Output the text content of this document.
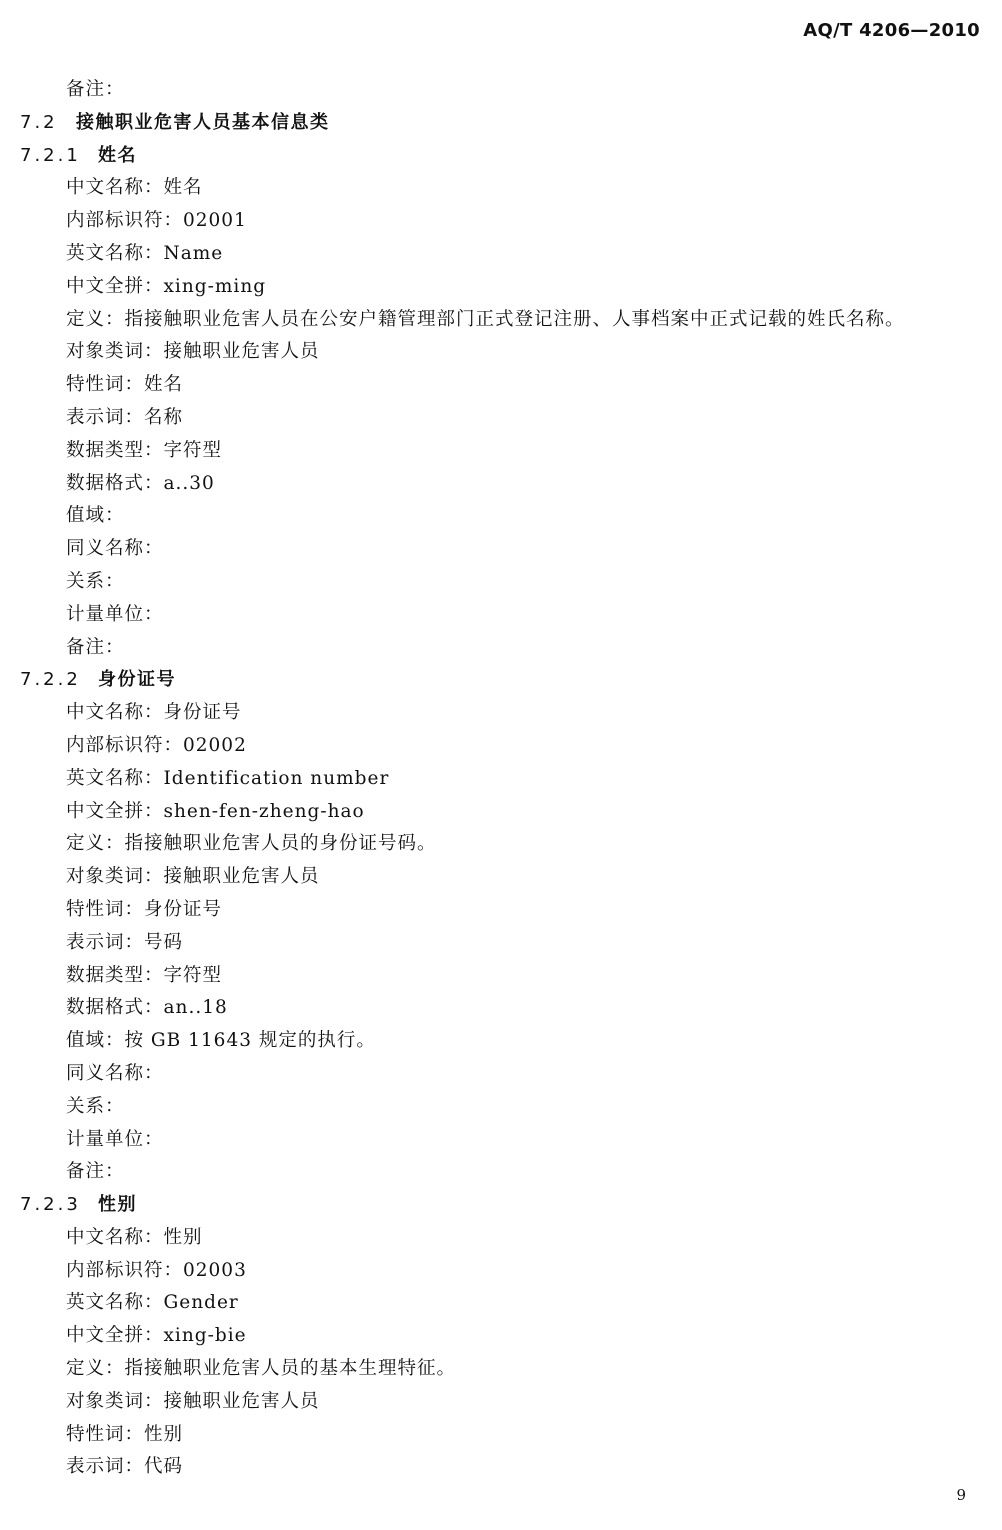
AQ/T 4206—2010
备注：
7.2 接触职业危害人员基本信息类
7.2.1 姓名
中文名称：姓名
内部标识符：02001
英文名称：Name
中文全拼：xing-ming
定义：指接触职业危害人员在公安户籍管理部门正式登记注册、人事档案中正式记载的姓氏名称。
对象类词：接触职业危害人员
特性词：姓名
表示词：名称
数据类型：字符型
数据格式：a..30
值域：
同义名称：
关系：
计量单位：
备注：
7.2.2 身份证号
中文名称：身份证号
内部标识符：02002
英文名称：Identification number
中文全拼：shen-fen-zheng-hao
定义：指接触职业危害人员的身份证号码。
对象类词：接触职业危害人员
特性词：身份证号
表示词：号码
数据类型：字符型
数据格式：an..18
值域：按 GB 11643 规定的执行。
同义名称：
关系：
计量单位：
备注：
7.2.3 性别
中文名称：性别
内部标识符：02003
英文名称：Gender
中文全拼：xing-bie
定义：指接触职业危害人员的基本生理特征。
对象类词：接触职业危害人员
特性词：性别
表示词：代码
9
